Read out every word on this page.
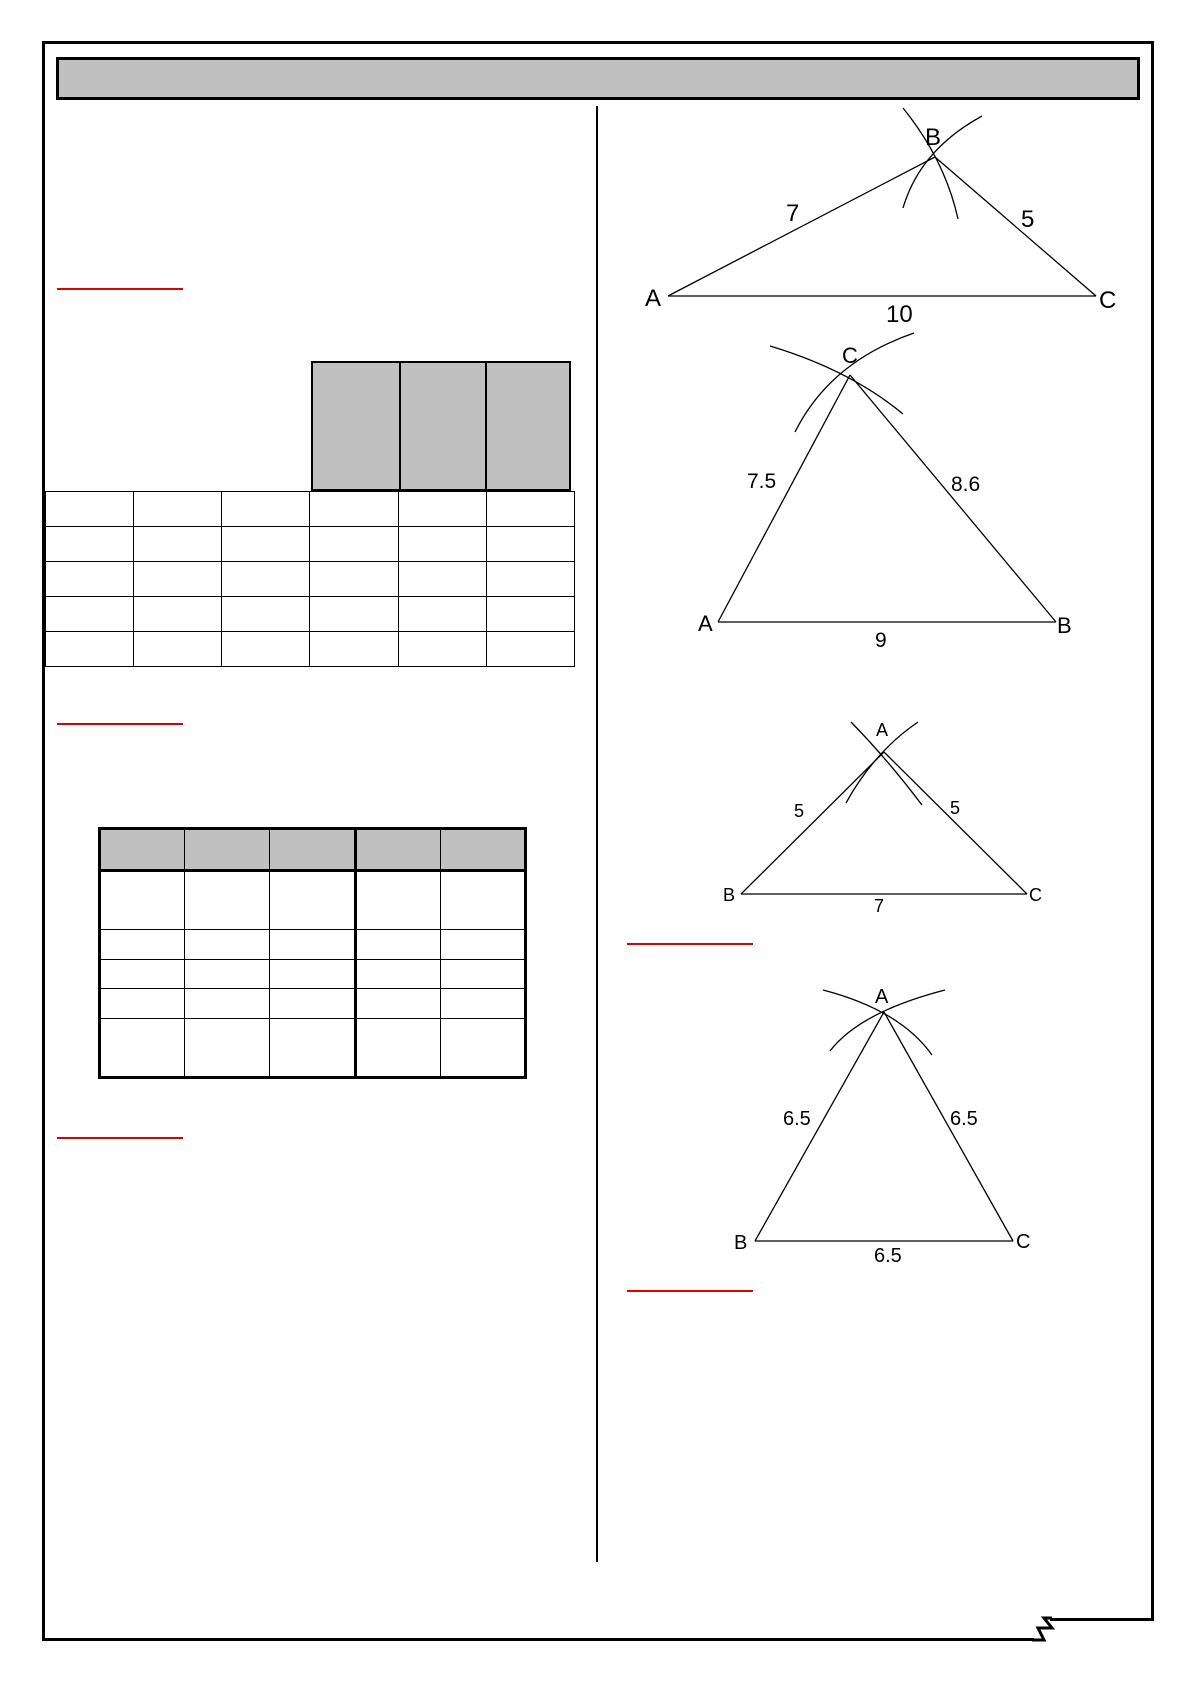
A
B
C
7	5
10
A
C
B
7.5	8.6
9
B
A
C
5	5
7
B
A
C
6.5	6.5
6.5
